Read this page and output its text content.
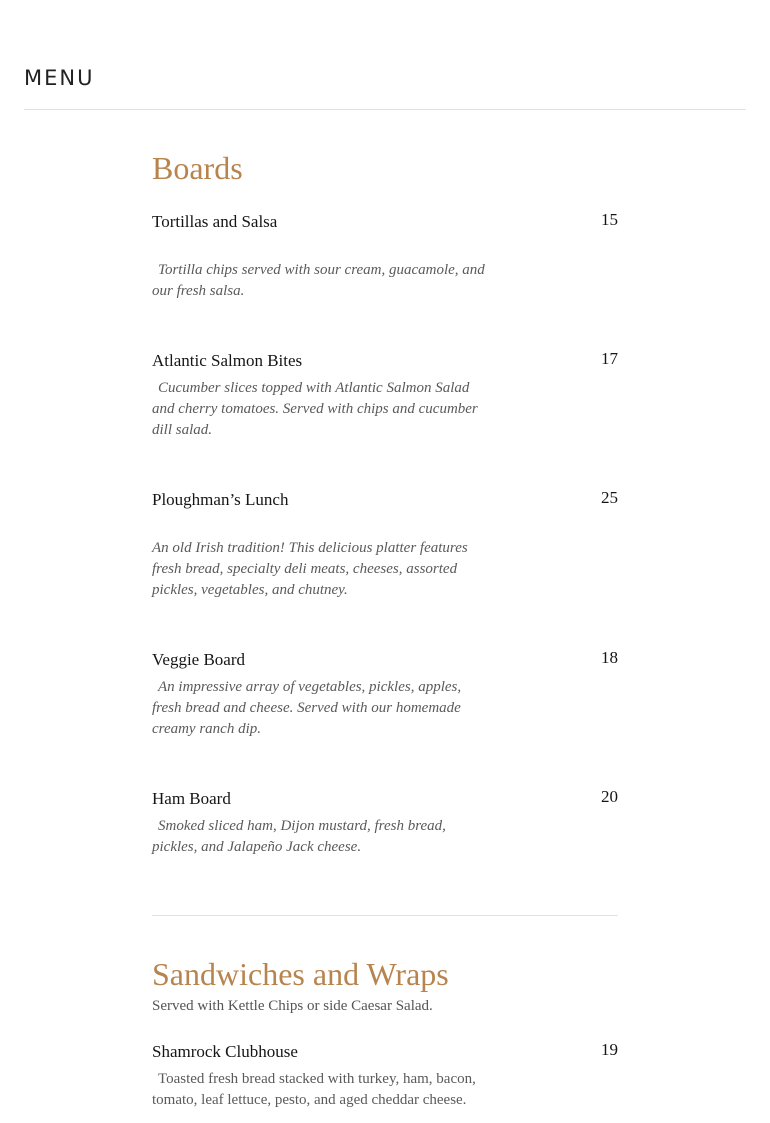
MENU
Boards
Tortillas and Salsa	15

Tortilla chips served with sour cream, guacamole, and our fresh salsa.

Atlantic Salmon Bites	17

Cucumber slices topped with Atlantic Salmon Salad and cherry tomatoes. Served with chips and cucumber dill salad.

Ploughman’s Lunch	25

An old Irish tradition! This delicious platter features fresh bread, specialty deli meats, cheeses, assorted pickles, vegetables, and chutney.

Veggie Board	18

An impressive array of vegetables, pickles, apples, fresh bread and cheese. Served with our homemade creamy ranch dip.

Ham Board	20

Smoked sliced ham, Dijon mustard, fresh bread, pickles, and Jalapeño Jack cheese.

Sandwiches and Wraps
Served with Kettle Chips or side Caesar Salad.
Shamrock Clubhouse	19

Toasted fresh bread stacked with turkey, ham, bacon, tomato, leaf lettuce, pesto, and aged cheddar cheese.
